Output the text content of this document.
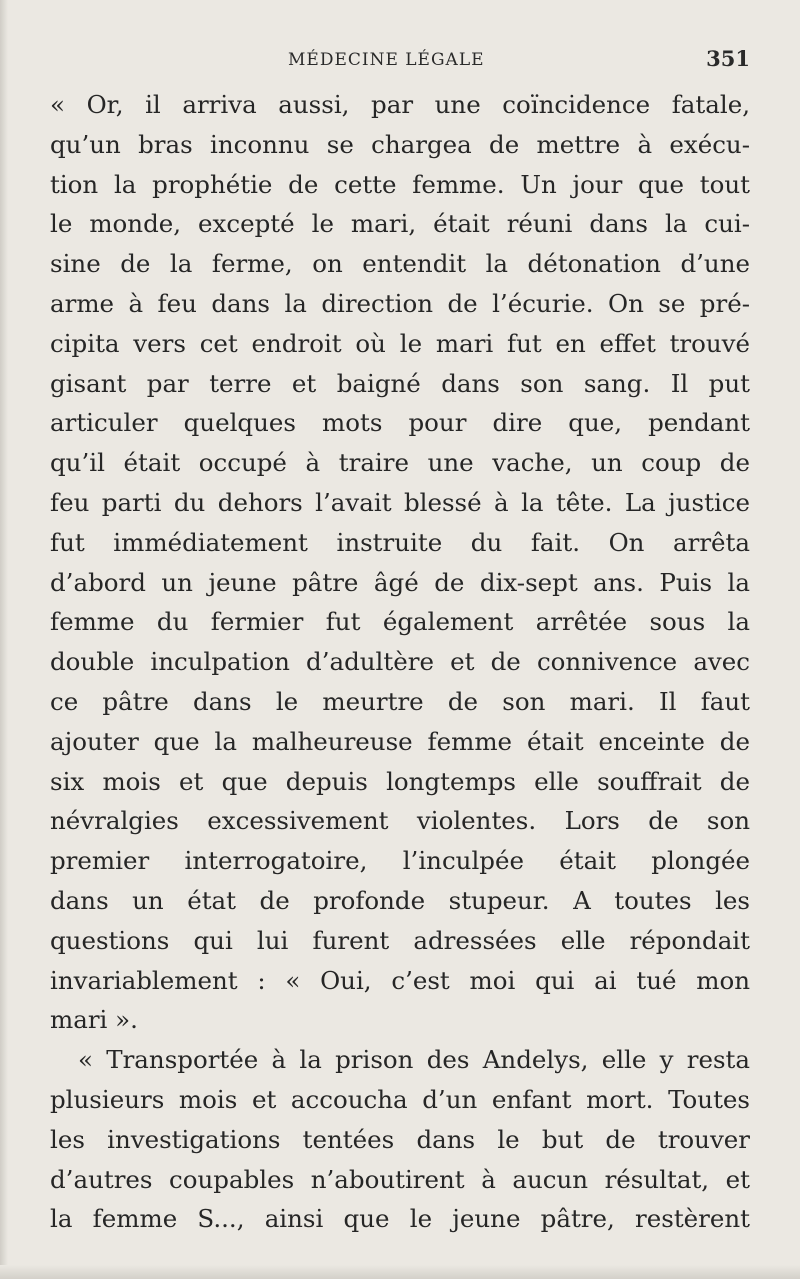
MÉDECINE LÉGALE	351
« Or, il arriva aussi, par une coïncidence fatale,
qu’un bras inconnu se chargea de mettre à exécu-
tion la prophétie de cette femme. Un jour que tout
le monde, excepté le mari, était réuni dans la cui-
sine de la ferme, on entendit la détonation d’une
arme à feu dans la direction de l’écurie. On se pré-
cipita vers cet endroit où le mari fut en effet trouvé
gisant par terre et baigné dans son sang. Il put
articuler quelques mots pour dire que, pendant
qu’il était occupé à traire une vache, un coup de
feu parti du dehors l’avait blessé à la tête. La justice
fut immédiatement instruite du fait. On arrêta
d’abord un jeune pâtre âgé de dix-sept ans. Puis la
femme du fermier fut également arrêtée sous la
double inculpation d’adultère et de connivence avec
ce pâtre dans le meurtre de son mari. Il faut
ajouter que la malheureuse femme était enceinte de
six mois et que depuis longtemps elle souffrait de
névralgies excessivement violentes. Lors de son
premier interrogatoire, l’inculpée était plongée
dans un état de profonde stupeur. A toutes les
questions qui lui furent adressées elle répondait
invariablement : « Oui, c’est moi qui ai tué mon
mari ».
« Transportée à la prison des Andelys, elle y resta
plusieurs mois et accoucha d’un enfant mort. Toutes
les investigations tentées dans le but de trouver
d’autres coupables n’aboutirent à aucun résultat, et
la femme S..., ainsi que le jeune pâtre, restèrent
